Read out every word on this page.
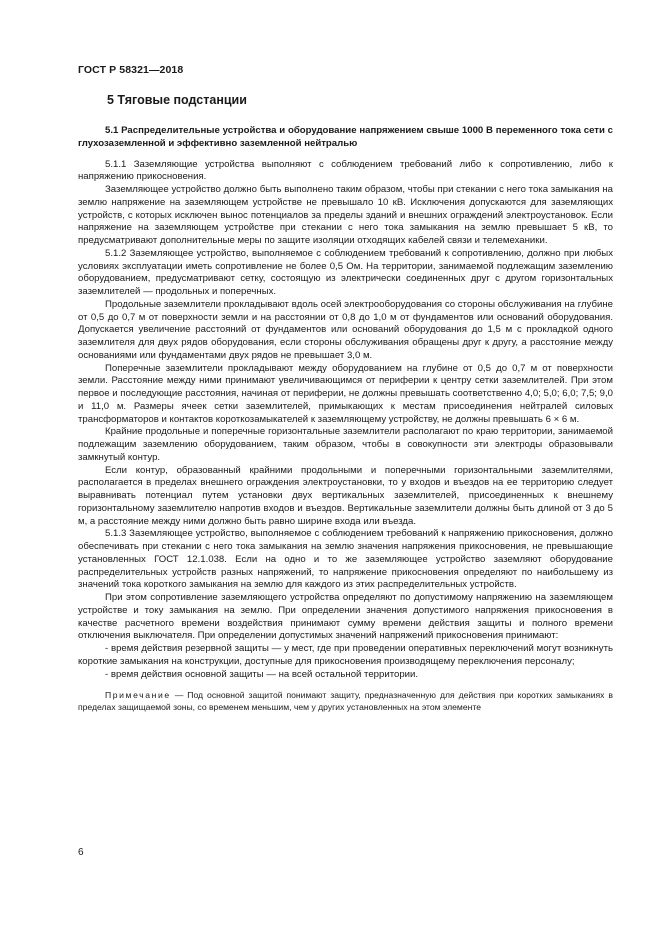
ГОСТ Р 58321—2018
5 Тяговые подстанции

5.1 Распределительные устройства и оборудование напряжением свыше 1000 В переменного тока сети с глухозаземленной и эффективно заземленной нейтралью

5.1.1 Заземляющие устройства выполняют с соблюдением требований либо к сопротивлению, либо к напряжению прикосновения.

Заземляющее устройство должно быть выполнено таким образом, чтобы при стекании с него тока замыкания на землю напряжение на заземляющем устройстве не превышало 10 кВ. Исключения допускаются для заземляющих устройств, с которых исключен вынос потенциалов за пределы зданий и внешних ограждений электроустановок. Если напряжение на заземляющем устройстве при стекании с него тока замыкания на землю превышает 5 кВ, то предусматривают дополнительные меры по защите изоляции отходящих кабелей связи и телемеханики.

5.1.2 Заземляющее устройство, выполняемое с соблюдением требований к сопротивлению, должно при любых условиях эксплуатации иметь сопротивление не более 0,5 Ом. На территории, занимаемой подлежащим заземлению оборудованием, предусматривают сетку, состоящую из электрически соединенных друг с другом горизонтальных заземлителей — продольных и поперечных.

Продольные заземлители прокладывают вдоль осей электрооборудования со стороны обслуживания на глубине от 0,5 до 0,7 м от поверхности земли и на расстоянии от 0,8 до 1,0 м от фундаментов или оснований оборудования. Допускается увеличение расстояний от фундаментов или оснований оборудования до 1,5 м с прокладкой одного заземлителя для двух рядов оборудования, если стороны обслуживания обращены друг к другу, а расстояние между основаниями или фундаментами двух рядов не превышает 3,0 м.

Поперечные заземлители прокладывают между оборудованием на глубине от 0,5 до 0,7 м от поверхности земли. Расстояние между ними принимают увеличивающимся от периферии к центру сетки заземлителей. При этом первое и последующие расстояния, начиная от периферии, не должны превышать соответственно 4,0; 5,0; 6,0; 7,5; 9,0 и 11,0 м. Размеры ячеек сетки заземлителей, примыкающих к местам присоединения нейтралей силовых трансформаторов и контактов короткозамыкателей к заземляющему устройству, не должны превышать 6 × 6 м.

Крайние продольные и поперечные горизонтальные заземлители располагают по краю территории, занимаемой подлежащим заземлению оборудованием, таким образом, чтобы в совокупности эти электроды образовывали замкнутый контур.

Если контур, образованный крайними продольными и поперечными горизонтальными заземлителями, располагается в пределах внешнего ограждения электроустановки, то у входов и въездов на ее территорию следует выравнивать потенциал путем установки двух вертикальных заземлителей, присоединенных к внешнему горизонтальному заземлителю напротив входов и въездов. Вертикальные заземлители должны быть длиной от 3 до 5 м, а расстояние между ними должно быть равно ширине входа или въезда.

5.1.3 Заземляющее устройство, выполняемое с соблюдением требований к напряжению прикосновения, должно обеспечивать при стекании с него тока замыкания на землю значения напряжения прикосновения, не превышающие установленных ГОСТ 12.1.038. Если на одно и то же заземляющее устройство заземляют оборудование распределительных устройств разных напряжений, то напряжение прикосновения определяют по наибольшему из значений тока короткого замыкания на землю для каждого из этих распределительных устройств.

При этом сопротивление заземляющего устройства определяют по допустимому напряжению на заземляющем устройстве и току замыкания на землю. При определении значения допустимого напряжения прикосновения в качестве расчетного времени воздействия принимают сумму времени действия защиты и полного времени отключения выключателя. При определении допустимых значений напряжений прикосновения принимают:

- время действия резервной защиты — у мест, где при проведении оперативных переключений могут возникнуть короткие замыкания на конструкции, доступные для прикосновения производящему переключения персоналу;

- время действия основной защиты — на всей остальной территории.

Примечание — Под основной защитой понимают защиту, предназначенную для действия при коротких замыканиях в пределах защищаемой зоны, со временем меньшим, чем у других установленных на этом элементе

6
